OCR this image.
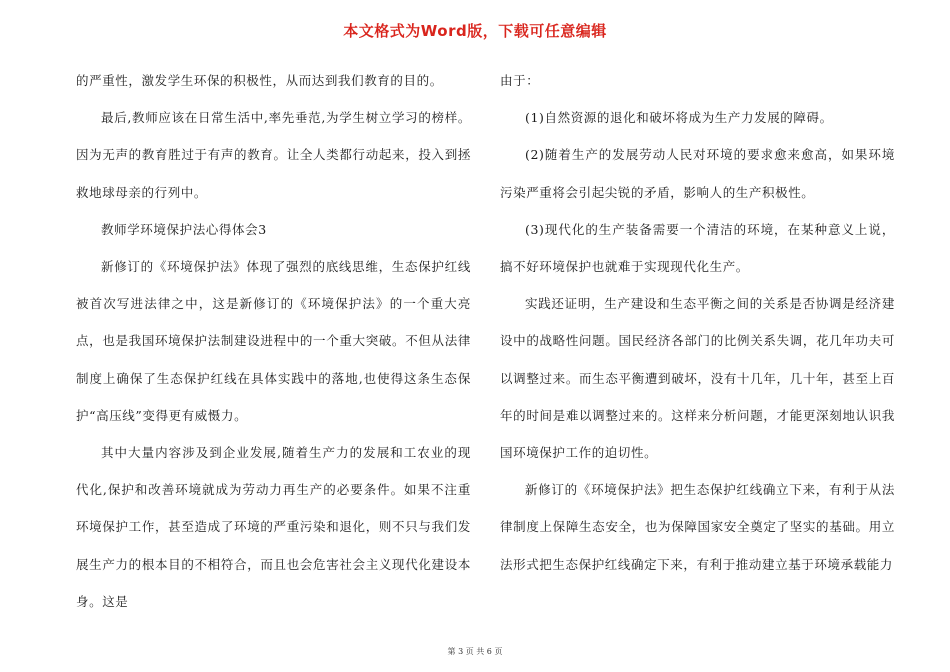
本文格式为Word版，下载可任意编辑

的严重性，激发学生环保的积极性，从而达到我们教育的目的。

最后,教师应该在日常生活中,率先垂范,为学生树立学习的榜样。因为无声的教育胜过于有声的教育。让全人类都行动起来，投入到拯救地球母亲的行列中。

教师学环境保护法心得体会3

新修订的《环境保护法》体现了强烈的底线思维，生态保护红线被首次写进法律之中，这是新修订的《环境保护法》的一个重大亮点，也是我国环境保护法制建设进程中的一个重大突破。不但从法律制度上确保了生态保护红线在具体实践中的落地,也使得这条生态保护“高压线”变得更有威慑力。

其中大量内容涉及到企业发展,随着生产力的发展和工农业的现代化,保护和改善环境就成为劳动力再生产的必要条件。如果不注重环境保护工作，甚至造成了环境的严重污染和退化，则不只与我们发展生产力的根本目的不相符合，而且也会危害社会主义现代化建设本身。这是

由于：

(1)自然资源的退化和破坏将成为生产力发展的障碍。

(2)随着生产的发展劳动人民对环境的要求愈来愈高，如果环境污染严重将会引起尖锐的矛盾，影响人的生产积极性。

(3)现代化的生产装备需要一个清洁的环境，在某种意义上说，搞不好环境保护也就难于实现现代化生产。

实践还证明，生产建设和生态平衡之间的关系是否协调是经济建设中的战略性问题。国民经济各部门的比例关系失调，花几年功夫可以调整过来。而生态平衡遭到破坏，没有十几年，几十年，甚至上百年的时间是难以调整过来的。这样来分析问题，才能更深刻地认识我国环境保护工作的迫切性。

新修订的《环境保护法》把生态保护红线确立下来，有利于从法律制度上保障生态安全，也为保障国家安全奠定了坚实的基础。用立法形式把生态保护红线确定下来，有利于推动建立基于环境承载能力

第 3 页 共 6 页
